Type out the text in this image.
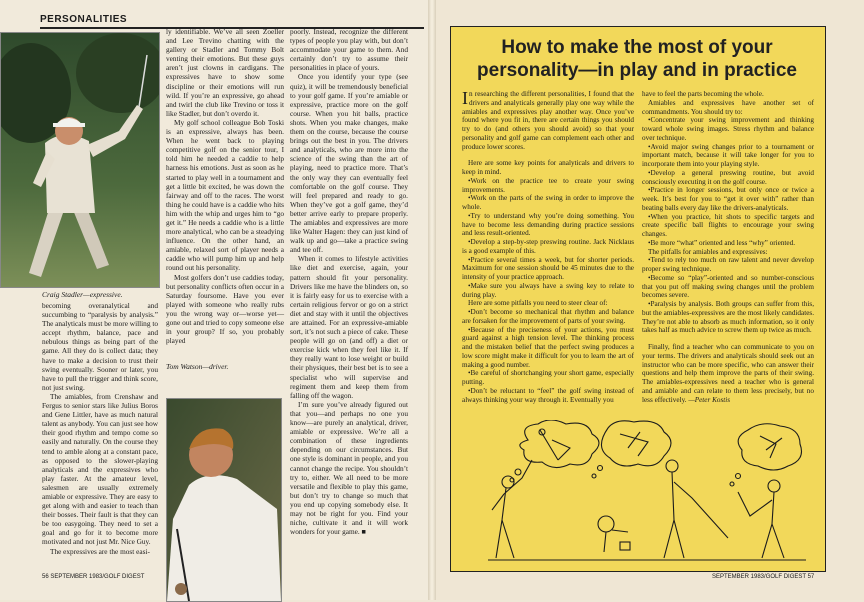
PERSONALITIES
Craig Stadler—expressive.

becoming overanalytical and succumbing to “paralysis by analysis.” The analyticals must be more willing to accept rhythm, balance, pace and nebulous things as being part of the game. All they do is collect data; they have to make a decision to trust their swing eventually. Sooner or later, you have to pull the trigger and think score, not just swing.

The amiables, from Crenshaw and Fergus to senior stars like Julius Boros and Gene Littler, have as much natural talent as anybody. You can just see how their good rhythm and tempo come so easily and naturally. On the course they tend to amble along at a constant pace, as opposed to the slower-playing analyticals and the expressives who play faster. At the amateur level, salesmen are usually extremely amiable or expressive. They are easy to get along with and easier to teach than their bosses. Their fault is that they can be too easygoing. They need to set a goal and go for it to become more motivated and not just Mr. Nice Guy.

The expressives are the most easi-

ly identifiable. We’ve all seen Zoeller and Lee Trevino chatting with the gallery or Stadler and Tommy Bolt venting their emotions. But these guys aren’t just clowns in cardigans. The expressives have to show some discipline or their emotions will run wild. If you’re an expressive, go ahead and twirl the club like Trevino or toss it like Stadler, but don’t overdo it.

My golf school colleague Bob Toski is an expressive, always has been. When he went back to playing competitive golf on the senior tour, I told him he needed a caddie to help harness his emotions. Just as soon as he started to play well in a tournament and get a little bit excited, he was down the fairway and off to the races. The worst thing he could have is a caddie who hits him with the whip and urges him to “go get it.” He needs a caddie who is a little more analytical, who can be a steadying influence. On the other hand, an amiable, relaxed sort of player needs a caddie who will pump him up and help round out his personality.

Most golfers don’t use caddies today, but personality conflicts often occur in a Saturday foursome. Have you ever played with someone who really rubs you the wrong way or—worse yet—gone out and tried to copy someone else in your group? If so, you probably played

Tom Watson—driver.

poorly. Instead, recognize the different types of people you play with, but don’t accommodate your game to them. And certainly don’t try to assume their personalities in place of yours.

Once you identify your type (see quiz), it will be tremendously beneficial to your golf game. If you’re amiable or expressive, practice more on the golf course. When you hit balls, practice shots. When you make changes, make them on the course, because the course brings out the best in you. The drivers and analyticals, who are more into the science of the swing than the art of playing, need to practice more. That’s the only way they can eventually feel comfortable on the golf course. They will feel prepared and ready to go. When they’ve got a golf game, they’d better arrive early to prepare properly. The amiables and expressives are more like Walter Hagen: they can just kind of walk up and go—take a practice swing and tee off.

When it comes to lifestyle activities like diet and exercise, again, your pattern should fit your personality. Drivers like me have the blinders on, so it is fairly easy for us to exercise with a certain religious fervor or go on a strict diet and stay with it until the objectives are attained. For an expressive-amiable sort, it’s not such a piece of cake. These people will go on (and off) a diet or exercise kick when they feel like it. If they really want to lose weight or build their physiques, their best bet is to see a specialist who will supervise and regiment them and keep them from falling off the wagon.

I’m sure you’ve already figured out that you—and perhaps no one you know—are purely an analytical, driver, amiable or expressive. We’re all a combination of these ingredients depending on our circumstances. But one style is dominant in people, and you cannot change the recipe. You shouldn’t try to, either. We all need to be more versatile and flexible to play this game, but don’t try to change so much that you end up copying somebody else. It may not be right for you. Find your niche, cultivate it and it will work wonders for your game. ■

56 SEPTEMBER 1983/GOLF DIGEST
How to make the most of your personality—in play and in practice

In researching the different personalities, I found that the drivers and analyticals generally play one way while the amiables and expressives play another way. Once you’ve found where you fit in, there are certain things you should try to do (and others you should avoid) so that your personality and golf game can complement each other and produce lower scores.

Here are some key points for analyticals and drivers to keep in mind.

•Work on the practice tee to create your swing improvements.

•Work on the parts of the swing in order to improve the whole.

•Try to understand why you’re doing something. You have to become less demanding during practice sessions and less result-oriented.

•Develop a step-by-step preswing routine. Jack Nicklaus is a good example of this.

•Practice several times a week, but for shorter periods. Maximum for one session should be 45 minutes due to the intensity of your practice approach.

•Make sure you always have a swing key to relate to during play.

Here are some pitfalls you need to steer clear of:

•Don’t become so mechanical that rhythm and balance are forsaken for the improvement of parts of your swing.

•Because of the preciseness of your actions, you must guard against a high tension level. The thinking process and the mistaken belief that the perfect swing produces a low score might make it difficult for you to learn the art of making a good number.

•Be careful of shortchanging your short game, especially putting.

•Don’t be reluctant to “feel” the golf swing instead of always thinking your way through it. Eventually you

have to feel the parts becoming the whole.

Amiables and expressives have another set of commandments. You should try to:

•Concentrate your swing improvement and thinking toward whole swing images. Stress rhythm and balance over technique.

•Avoid major swing changes prior to a tournament or important match, because it will take longer for you to incorporate them into your playing style.

•Develop a general preswing routine, but avoid consciously executing it on the golf course.

•Practice in longer sessions, but only once or twice a week. It’s best for you to “get it over with” rather than beating balls every day like the drivers-analyticals.

•When you practice, hit shots to specific targets and create specific ball flights to encourage your swing changes.

•Be more “what” oriented and less “why” oriented.

The pitfalls for amiables and expressives:

•Tend to rely too much on raw talent and never develop proper swing technique.

•Become so “play”-oriented and so number-conscious that you put off making swing changes until the problem becomes severe.

•Paralysis by analysis. Both groups can suffer from this, but the amiables-expressives are the most likely candidates. They’re not able to absorb as much information, so it only takes half as much advice to screw them up twice as much.

Finally, find a teacher who can communicate to you on your terms. The drivers and analyticals should seek out an instructor who can be more specific, who can answer their questions and help them improve the parts of their swing. The amiables-expressives need a teacher who is general and amiable and can relate to them less precisely, but no less effectively. —Peter Kostis

SEPTEMBER 1983/GOLF DIGEST 57
